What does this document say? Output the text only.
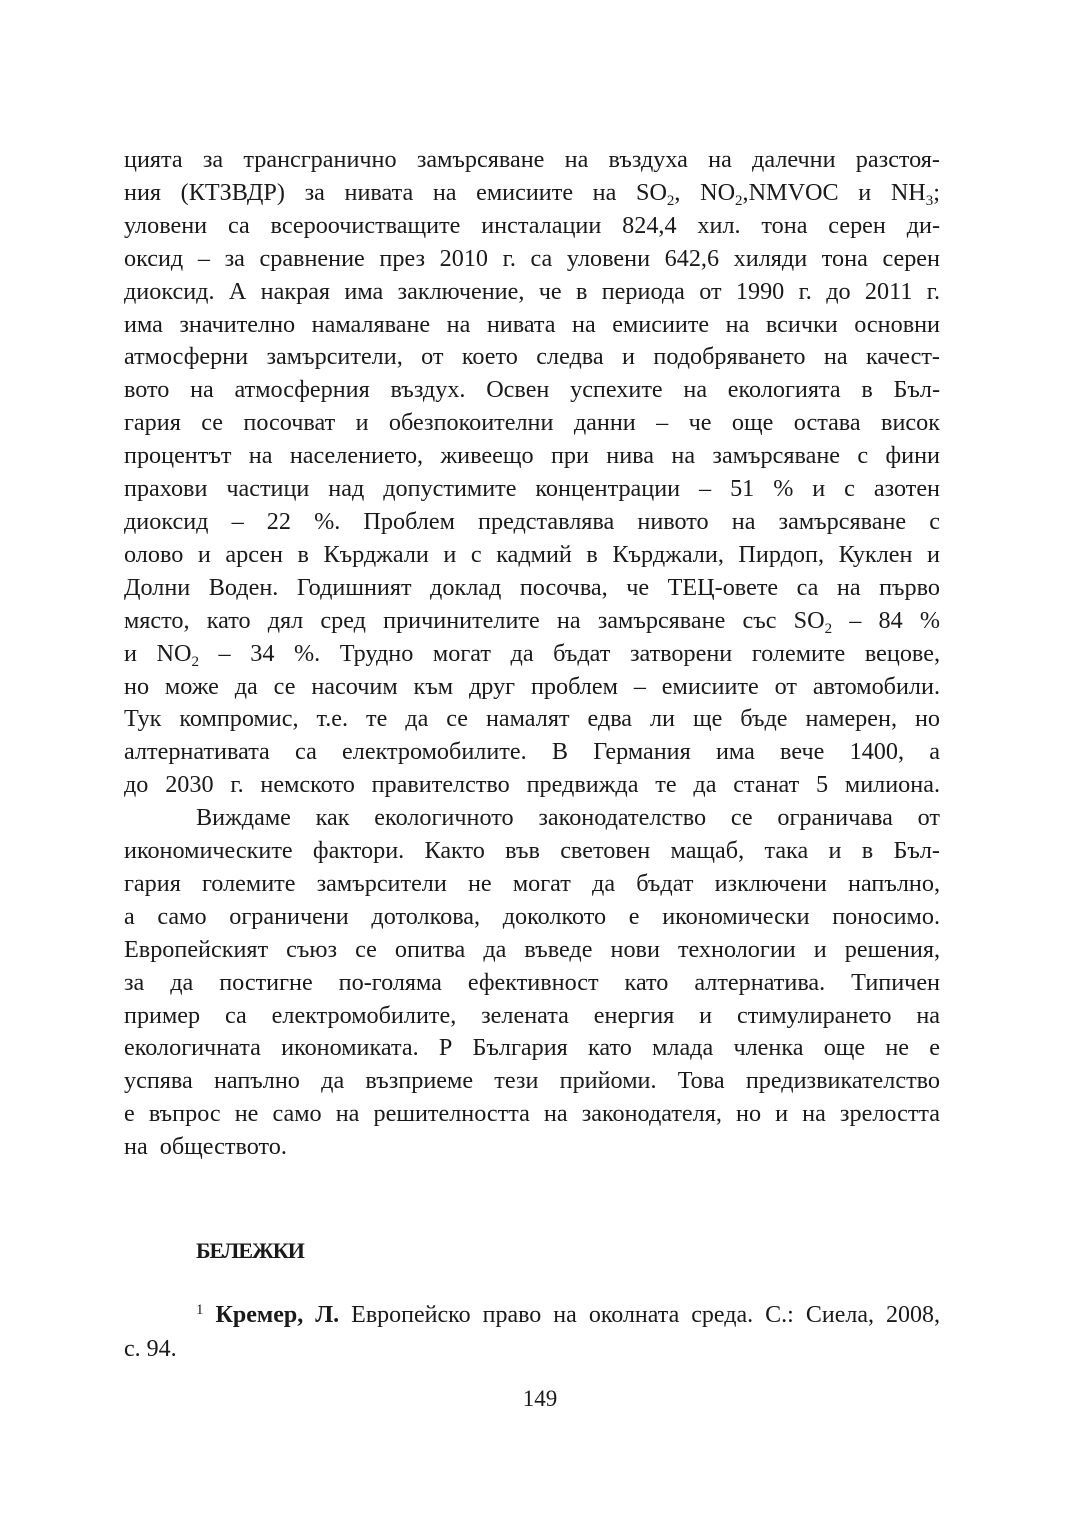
цията за трансгранично замърсяване на въздуха на далечни разстоя-
ния (КТЗВДР) за нивата на емисиите на $SO_2$, $NO_2,NMVOC$ и $NH_3$;
уловени са всероочистващите инсталации 824,4 хил. тона серен ди-
оксид – за сравнение през 2010 г. са уловени 642,6 хиляди тона серен
диоксид. А накрая има заключение, че в периода от 1990 г. до 2011 г.
има значително намаляване на нивата на емисиите на всички основни
атмосферни замърсители, от което следва и подобряването на качест-
вото на атмосферния въздух. Освен успехите на екологията в Бъл-
гария се посочват и обезпокоителни данни – че още остава висок
процентът на населението, живеещо при нива на замърсяване с фини
прахови частици над допустимите концентрации – 51 % и с азотен
диоксид – 22 %. Проблем представлява нивото на замърсяване с
олово и арсен в Кърджали и с кадмий в Кърджали, Пирдоп, Куклен и
Долни Воден. Годишният доклад посочва, че ТЕЦ-овете са на първо
място, като дял сред причинителите на замърсяване със $SO_2 - 84$ %
и $NO_2 - 34$ %. Трудно могат да бъдат затворени големите вецове,
но може да се насочим към друг проблем – емисиите от автомобили.
Тук компромис, т.е. те да се намалят едва ли ще бъде намерен, но
алтернативата са електромобилите. В Германия има вече 1400, а
до 2030 г. немското правителство предвижда те да станат 5 милиона.

Виждаме как екологичното законодателство се ограничава от
икономическите фактори. Както във световен мащаб, така и в Бъл-
гария големите замърсители не могат да бъдат изключени напълно,
а само ограничени дотолкова, доколкото е икономически поносимо.
Европейският съюз се опитва да въведе нови технологии и решения,
за да постигне по-голяма ефективност като алтернатива. Типичен
пример са електромобилите, зелената енергия и стимулирането на
екологичната икономиката. Р България като млада членка още не е
успява напълно да възприеме тези прийоми. Това предизвикателство
е въпрос не само на решителността на законодателя, но и на зрелостта
на  обществото.

БЕЛЕЖКИ
$^1$ Кремер, Л. Европейско право на околната среда. С.: Сиела, 2008,
с. 94.
149
